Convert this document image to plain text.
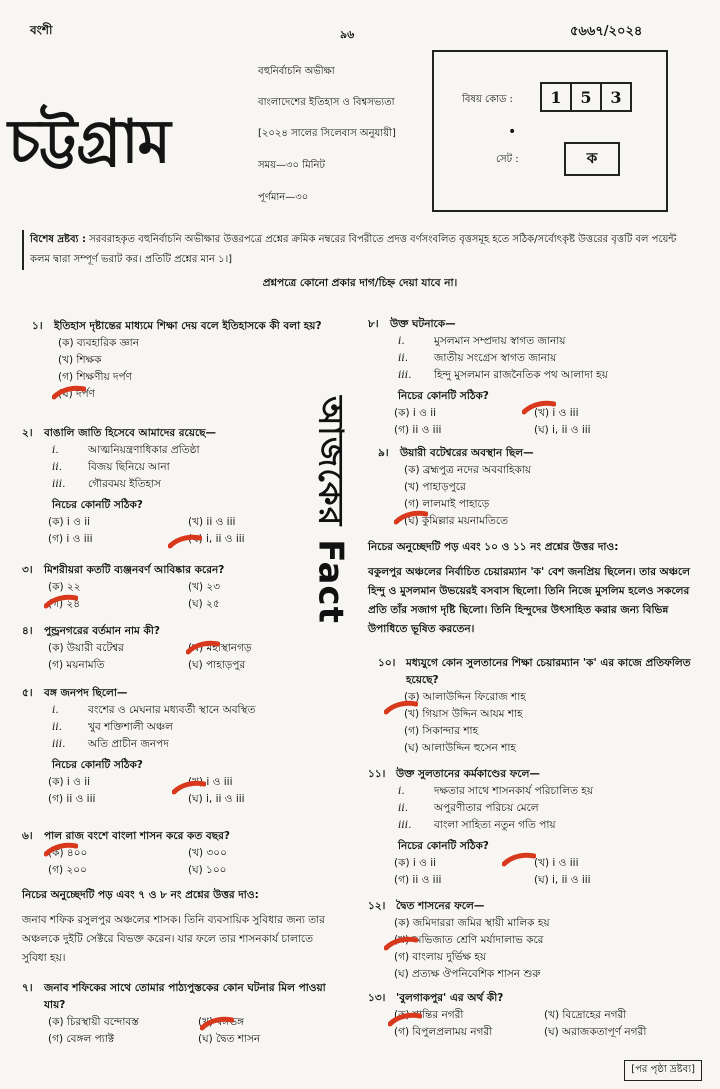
বংশী	৯৬	৫৬৬৭/২০২৪
চট্টগ্রাম
বহুনির্বাচনি অভীক্ষা
বাংলাদেশের ইতিহাস ও বিশ্বসভ্যতা
[২০২৪ সালের সিলেবাস অনুযায়ী]
সময়—৩০ মিনিট
পূর্ণমান—৩০
বিষয় কোড :	1	5	3
•
সেট :	ক
বিশেষ দ্রষ্টব্য : সরবরাহকৃত বহুনির্বাচনি অভীক্ষার উত্তরপত্রে প্রশ্নের ক্রমিক নম্বরের বিপরীতে প্রদত্ত বর্ণসংবলিত বৃত্তসমূহ হতে সঠিক/সর্বোৎকৃষ্ট উত্তরের বৃত্তটি বল পয়েন্ট কলম দ্বারা সম্পূর্ণ ভরাট কর। প্রতিটি প্রশ্নের মান ১।]
প্রশ্নপত্রে কোনো প্রকার দাগ/চিহ্ন দেয়া যাবে না।
আজকের Fact
১।	ইতিহাস দৃষ্টান্তের মাধ্যমে শিক্ষা দেয় বলে ইতিহাসকে কী বলা হয়?
(ক) ব্যবহারিক জ্ঞান
(খ) শিক্ষক
(গ) শিক্ষণীয় দর্পণ
(ঘ) দর্পণ
২।	বাঙালি জাতি হিসেবে আমাদের রয়েছে—
i.	আত্মনিয়ন্ত্রণাধিকার প্রতিষ্ঠা
ii.	বিজয় ছিনিয়ে আনা
iii.	গৌরবময় ইতিহাস
নিচের কোনটি সঠিক?
(ক) i ও ii	(খ) ii ও iii
(গ) i ও iii	(ঘ) i, ii ও iii
৩।	মিশরীয়রা কতটি ব্যঞ্জনবর্ণ আবিষ্কার করেন?
(ক) ২২	(খ) ২৩
(গ) ২৪	(ঘ) ২৫
৪।	পুন্ড্রনগরের বর্তমান নাম কী?
(ক) উয়ারী বটেশ্বর	(খ) মহাস্থানগড়
(গ) ময়নামতি	(ঘ) পাহাড়পুর
৫।	বঙ্গ জনপদ ছিলো—
i.	বংশের ও মেঘনার মধ্যবর্তী স্থানে অবস্থিত
ii.	খুব শক্তিশালী অঞ্চল
iii.	অতি প্রাচীন জনপদ
নিচের কোনটি সঠিক?
(ক) i ও ii	(খ) i ও iii
(গ) ii ও iii	(ঘ) i, ii ও iii
৬।	পাল রাজ বংশে বাংলা শাসন করে কত বছর?
(ক) ৪০০	(খ) ৩০০
(গ) ২০০	(ঘ) ১০০
নিচের অনুচ্ছেদটি পড় এবং ৭ ও ৮ নং প্রশ্নের উত্তর দাও:
জনাব শফিক রসুলপুর অঞ্চলের শাসক। তিনি ব্যবসায়িক সুবিধার জন্য তার অঞ্চলকে দুইটি সেক্টরে বিভক্ত করেন। যার ফলে তার শাসনকার্য চালাতে সুবিধা হয়।
৭।	জনাব শফিকের সাথে তোমার পাঠ্যপুস্তকের কোন ঘটনার মিল পাওয়া যায়?
(ক) চিরস্থায়ী বন্দোবস্ত	(খ) বঙ্গভঙ্গ
(গ) বেঙ্গল প্যাক্ট	(ঘ) দ্বৈত শাসন
৮।	উক্ত ঘটনাকে—
i.	মুসলমান সম্প্রদায় স্বাগত জানায়
ii.	জাতীয় সংগ্রেস স্বাগত জানায়
iii.	হিন্দু মুসলমান রাজনৈতিক পথ আলাদা হয়
নিচের কোনটি সঠিক?
(ক) i ও ii	(খ) i ও iii
(গ) ii ও iii	(ঘ) i, ii ও iii
৯।	উয়ারী বটেশ্বরের অবস্থান ছিল—
(ক) ব্রহ্মপুত্র নদের অববাহিকায়
(খ) পাহাড়পুরে
(গ) লালমাই পাহাড়ে
(ঘ) কুমিল্লার ময়নামতিতে
নিচের অনুচ্ছেদটি পড় এবং ১০ ও ১১ নং প্রশ্নের উত্তর দাও:
বকুলপুর অঞ্চলের নির্বাচিত চেয়ারম্যান 'ক' বেশ জনপ্রিয় ছিলেন। তার অঞ্চলে হিন্দু ও মুসলমান উভয়েরই বসবাস ছিলো। তিনি নিজে মুসলিম হলেও সকলের প্রতি তাঁর সজাগ দৃষ্টি ছিলো। তিনি হিন্দুদের উৎসাহিত করার জন্য বিভিন্ন উপাধিতে ভূষিত করতেন।
১০।	মধ্যযুগে কোন সুলতানের শিক্ষা চেয়ারম্যান 'ক' এর কাজে প্রতিফলিত হয়েছে?
(ক) আলাউদ্দিন ফিরোজ শাহ
(খ) গিয়াস উদ্দিন আযম শাহ
(গ) সিকান্দার শাহ
(ঘ) আলাউদ্দিন হুসেন শাহ
১১।	উক্ত সুলতানের কর্মকাণ্ডের ফলে—
i.	দক্ষতার সাথে শাসনকার্য পরিচালিত হয়
ii.	অপুরণীতার পরিচয় মেলে
iii.	বাংলা সাহিত্য নতুন গতি পায়
নিচের কোনটি সঠিক?
(ক) i ও ii	(খ) i ও iii
(গ) ii ও iii	(ঘ) i, ii ও iii
১২।	দ্বৈত শাসনের ফলে—
(ক) জমিদাররা জমির স্থায়ী মালিক হয়
(খ) অভিজাত শ্রেণি মর্যাদালাভ করে
(গ) বাংলায় দুর্ভিক্ষ হয়
(ঘ) প্রত্যক্ষ ঔপনিবেশিক শাসন শুরু
১৩।	'বুলগাকপুর' এর অর্থ কী?
(ক) শান্তির নগরী	(খ) বিদ্রোহের নগরী
(গ) বিপুলপ্রলাময় নগরী	(ঘ) অরাজকতাপূর্ণ নগরী
[পর পৃষ্ঠা দ্রষ্টব্য]
